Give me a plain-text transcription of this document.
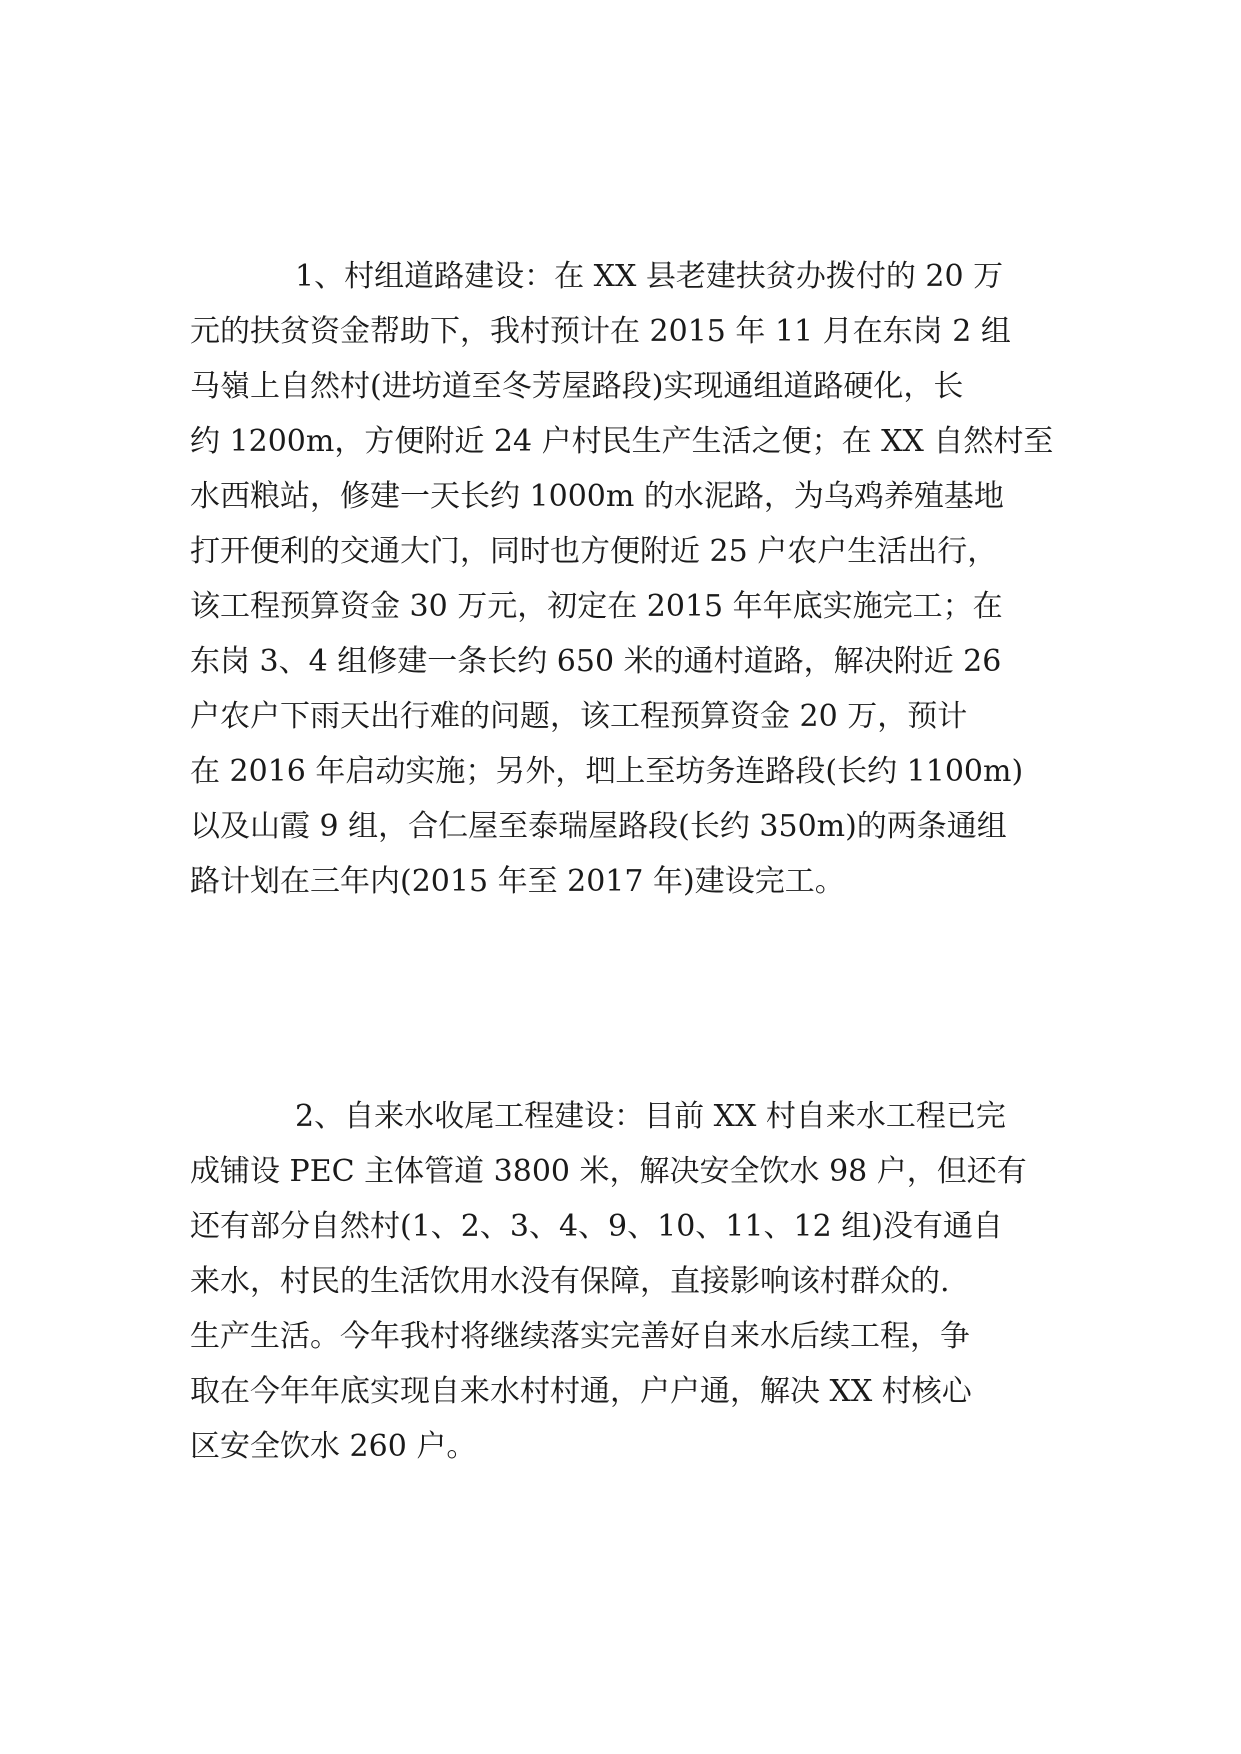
1、村组道路建设：在 XX 县老建扶贫办拨付的 20 万
元的扶贫资金帮助下，我村预计在 2015 年 11 月在东岗 2 组
马嶺上自然村(进坊道至冬芳屋路段)实现通组道路硬化，长
约 1200m，方便附近 24 户村民生产生活之便；在 XX 自然村至
水西粮站，修建一天长约 1000m 的水泥路，为乌鸡养殖基地
打开便利的交通大门，同时也方便附近 25 户农户生活出行，
该工程预算资金 30 万元，初定在 2015 年年底实施完工；在
东岗 3、4 组修建一条长约 650 米的通村道路，解决附近 26
户农户下雨天出行难的问题，该工程预算资金 20 万，预计
在 2016 年启动实施；另外，垇上至坊务连路段(长约 1100m)
以及山霞 9 组，合仁屋至泰瑞屋路段(长约 350m)的两条通组
路计划在三年内(2015 年至 2017 年)建设完工。
2、自来水收尾工程建设：目前 XX 村自来水工程已完
成铺设 PEC 主体管道 3800 米，解决安全饮水 98 户，但还有
还有部分自然村(1、2、3、4、9、10、11、12 组)没有通自
来水，村民的生活饮用水没有保障，直接影响该村群众的.
生产生活。今年我村将继续落实完善好自来水后续工程，争
取在今年年底实现自来水村村通，户户通，解决 XX 村核心
区安全饮水 260 户。
